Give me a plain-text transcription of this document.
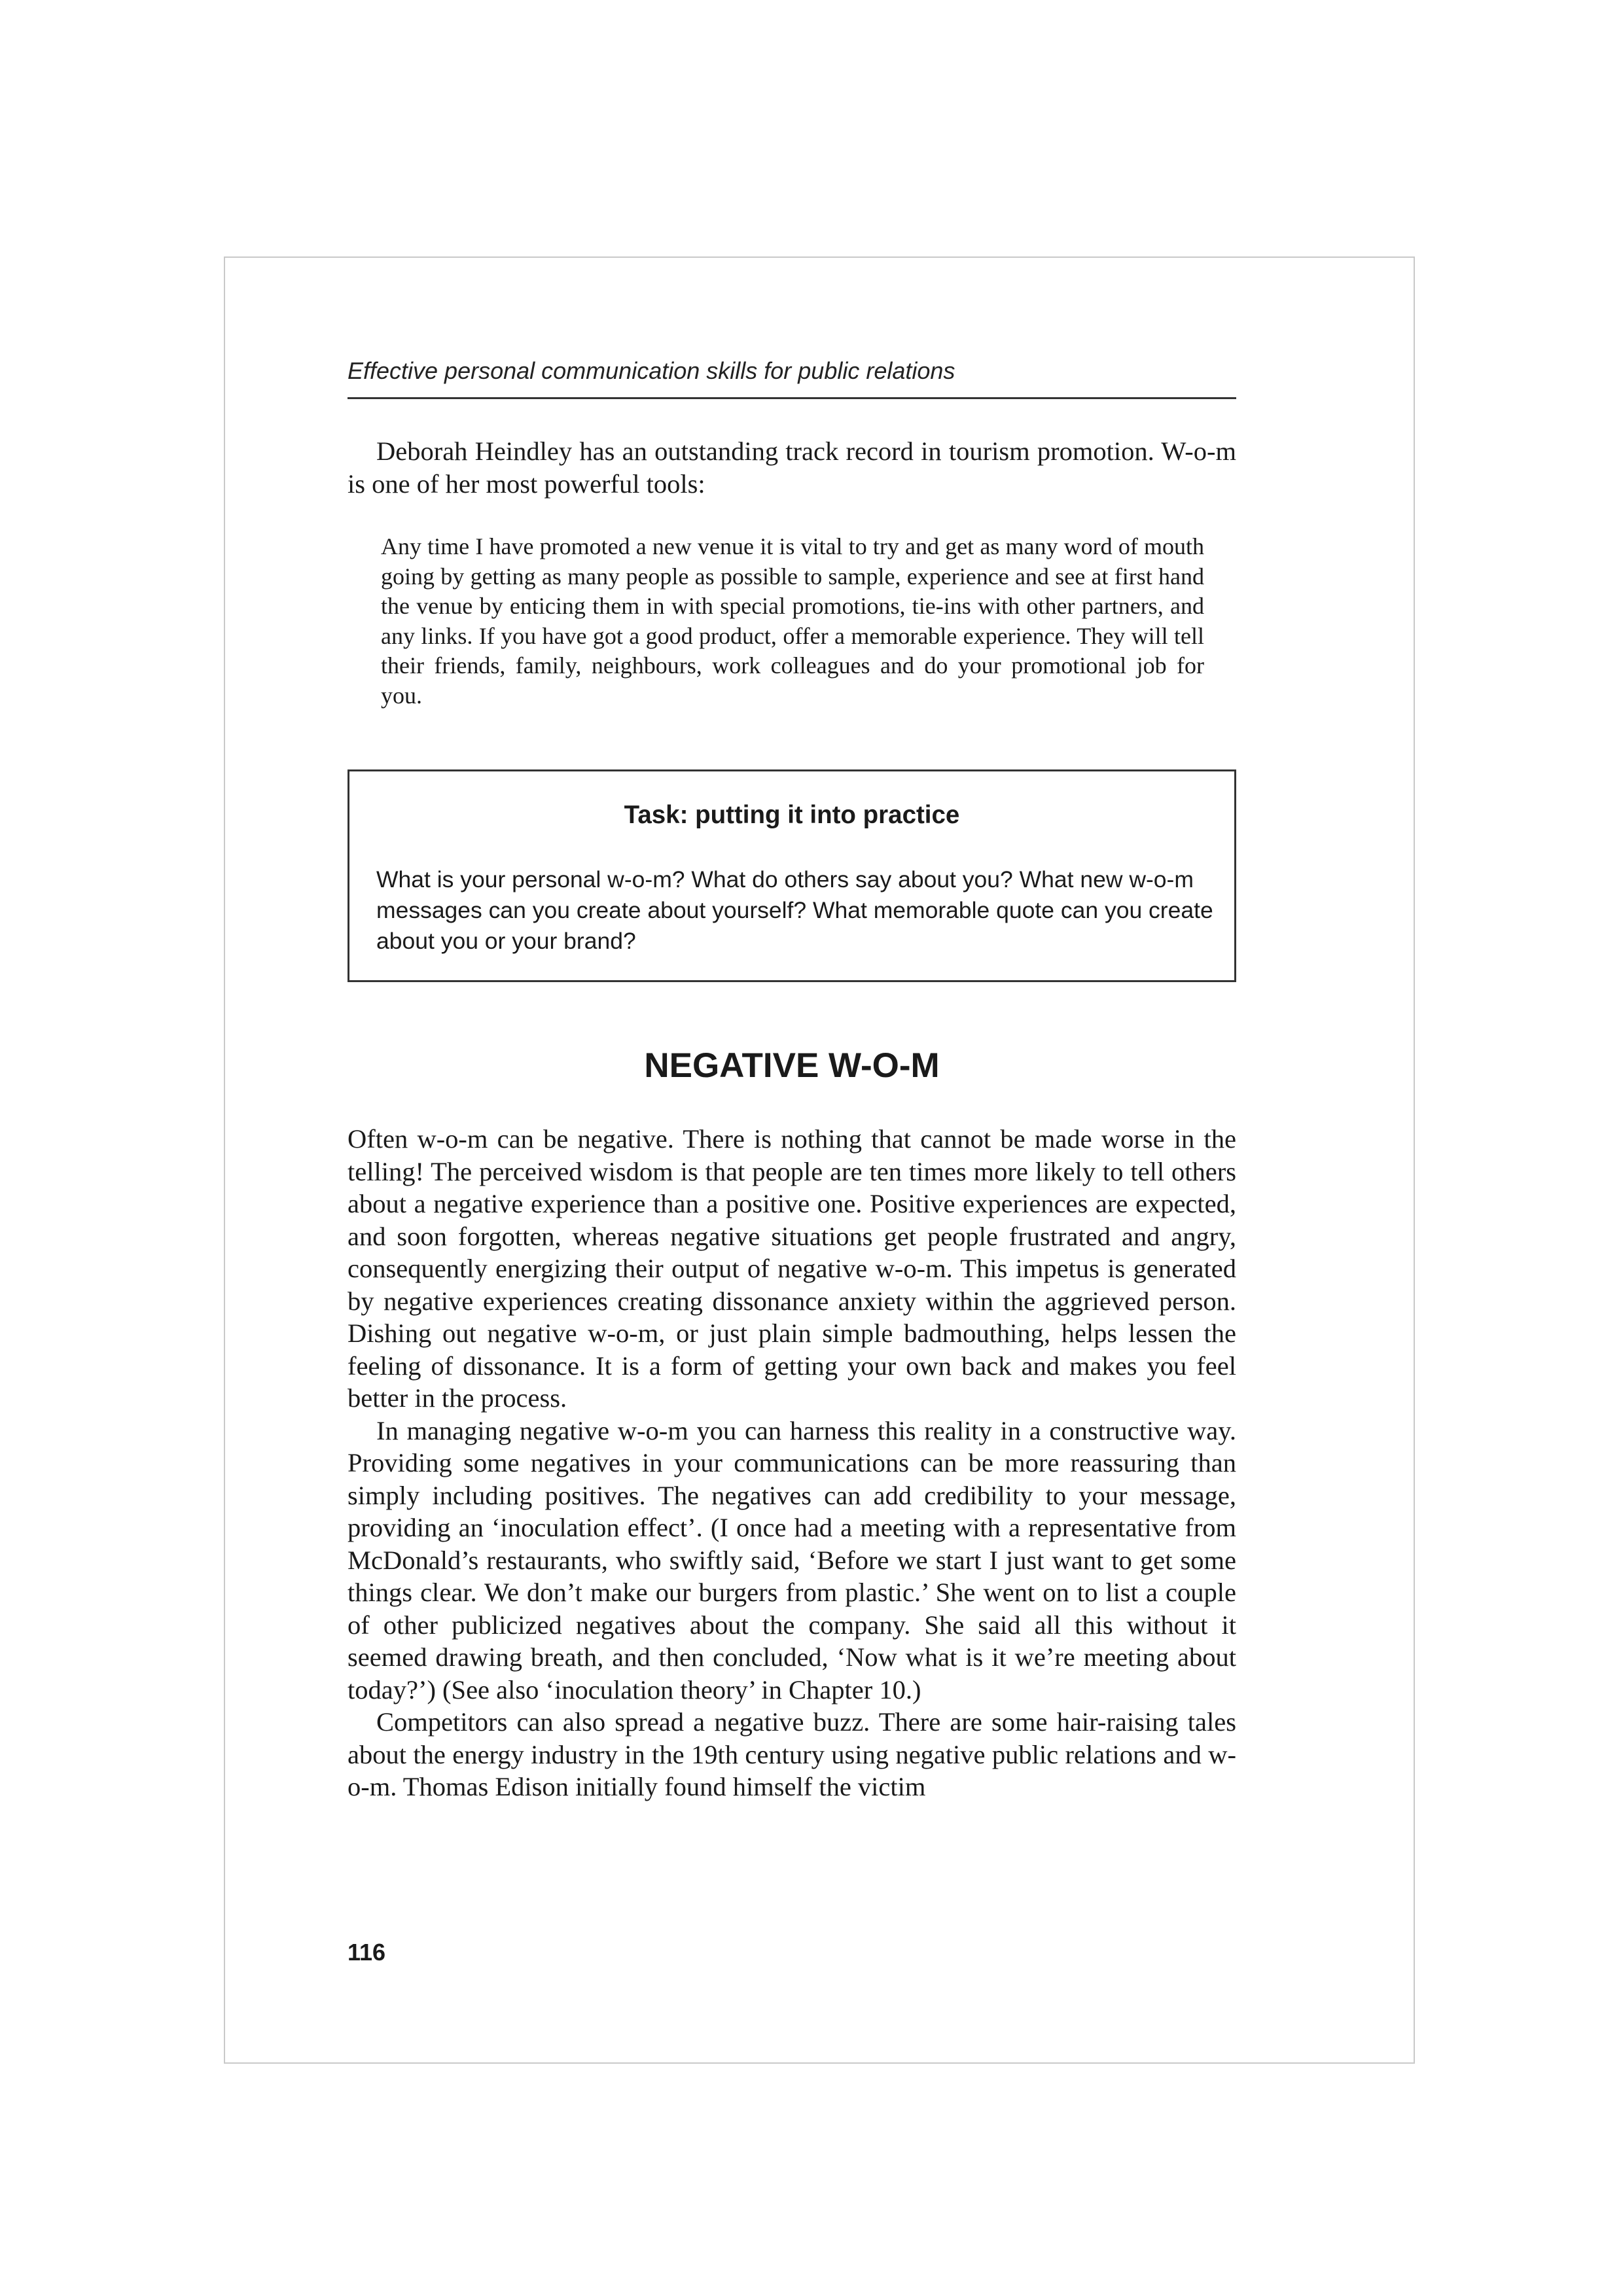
Effective personal communication skills for public relations

Deborah Heindley has an outstanding track record in tourism promotion. W-o-m is one of her most powerful tools:

Any time I have promoted a new venue it is vital to try and get as many word of mouth going by getting as many people as possible to sample, experience and see at first hand the venue by enticing them in with special promotions, tie-ins with other partners, and any links. If you have got a good product, offer a memorable experience. They will tell their friends, family, neighbours, work colleagues and do your promotional job for you.

Task: putting it into practice

What is your personal w-o-m? What do others say about you? What new w-o-m messages can you create about yourself? What memorable quote can you create about you or your brand?

NEGATIVE W-O-M

Often w-o-m can be negative. There is nothing that cannot be made worse in the telling! The perceived wisdom is that people are ten times more likely to tell others about a negative experience than a positive one. Positive experiences are expected, and soon forgotten, whereas negative situations get people frustrated and angry, consequently energizing their output of negative w-o-m. This impetus is generated by negative experiences creating dissonance anxiety within the aggrieved person. Dishing out negative w-o-m, or just plain simple badmouthing, helps lessen the feeling of dissonance. It is a form of getting your own back and makes you feel better in the process.

In managing negative w-o-m you can harness this reality in a constructive way. Providing some negatives in your communications can be more reassuring than simply including positives. The negatives can add credibility to your message, providing an ‘inoculation effect’. (I once had a meeting with a representative from McDonald’s restaurants, who swiftly said, ‘Before we start I just want to get some things clear. We don’t make our burgers from plastic.’ She went on to list a couple of other publicized negatives about the company. She said all this without it seemed drawing breath, and then concluded, ‘Now what is it we’re meeting about today?’) (See also ‘inoculation theory’ in Chapter 10.)

Competitors can also spread a negative buzz. There are some hair-raising tales about the energy industry in the 19th century using negative public relations and w-o-m. Thomas Edison initially found himself the victim

116
